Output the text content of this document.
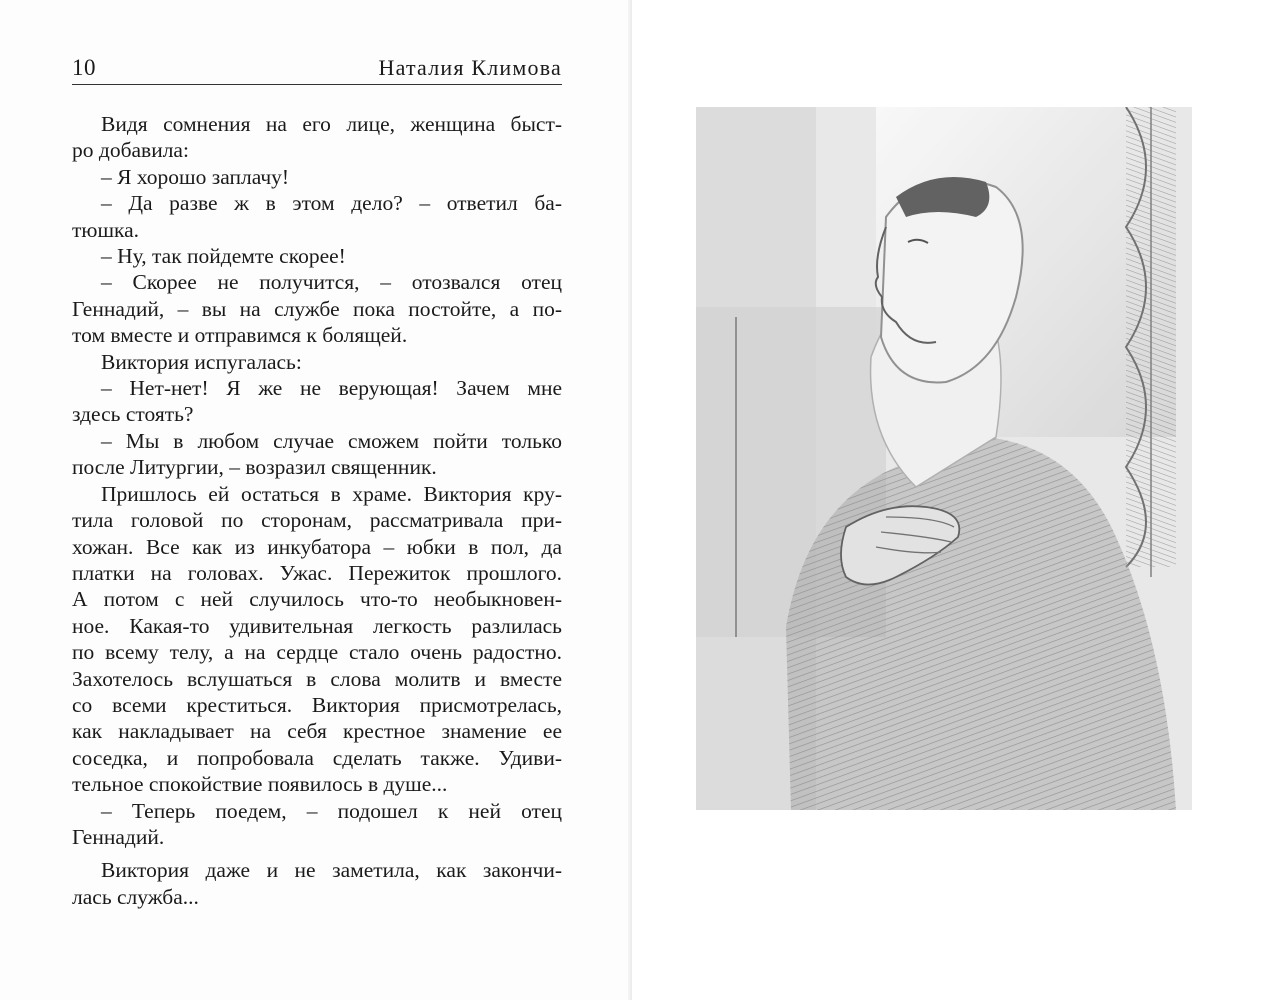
10	Наталия Климова
Видя сомнения на его лице, женщина быст-
ро добавила:
– Я хорошо заплачу!
– Да разве ж в этом дело? – ответил ба-
тюшка.
– Ну, так пойдемте скорее!
– Скорее не получится, – отозвался отец
Геннадий, – вы на службе пока постойте, а по-
том вместе и отправимся к болящей.
Виктория испугалась:
– Нет-нет! Я же не верующая! Зачем мне
здесь стоять?
– Мы в любом случае сможем пойти только
после Литургии, – возразил священник.
Пришлось ей остаться в храме. Виктория кру-
тила головой по сторонам, рассматривала при-
хожан. Все как из инкубатора – юбки в пол, да
платки на головах. Ужас. Пережиток прошлого.
А потом с ней случилось что-то необыкновен-
ное. Какая-то удивительная легкость разлилась
по всему телу, а на сердце стало очень радостно.
Захотелось вслушаться в слова молитв и вместе
со всеми креститься. Виктория присмотрелась,
как накладывает на себя крестное знамение ее
соседка, и попробовала сделать также. Удиви-
тельное спокойствие появилось в душе...
– Теперь поедем, – подошел к ней отец
Геннадий.
Виктория даже и не заметила, как закончи-
лась служба...
